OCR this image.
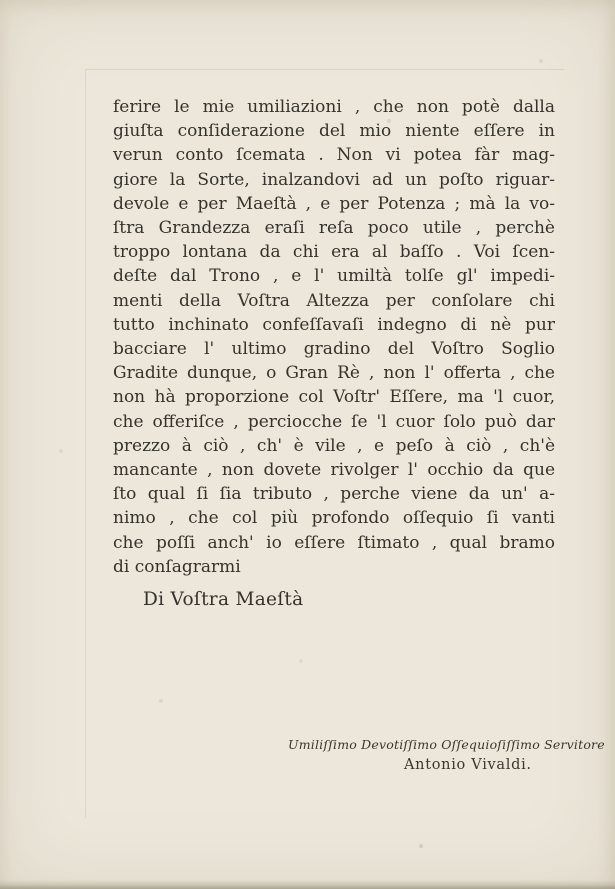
ferire le mie umiliazioni , che non potè dalla
giuſta conſiderazione del mio niente eſſere in
verun conto ſcemata . Non vi potea fàr mag-
giore la Sorte, inalzandovi ad un poſto riguar-
devole e per Maeſtà , e per Potenza ; mà la vo-
ſtra Grandezza eraſi reſa poco utile , perchè
troppo lontana da chi era al baſſo . Voi ſcen-
deſte dal Trono , e l' umiltà tolſe gl' impedi-
menti della Voſtra Altezza per conſolare chi
tutto inchinato confeſſavaſi indegno di nè pur
bacciare l' ultimo gradino del Voſtro Soglio
Gradite dunque, o Gran Rè , non l' offerta , che
non hà proporzione col Voſtr' Eſſere, ma 'l cuor,
che offeriſce , perciocche ſe 'l cuor ſolo può dar
prezzo à ciò , ch' è vile , e peſo à ciò , ch'è
mancante , non dovete rivolger l' occhio da que
ſto qual ſi ſia tributo , perche viene da un' a-
nimo , che col più profondo oſſequio ſi vanti
che poſſi anch' io eſſere ſtimato , qual bramo
di conſagrarmi
Di Voſtra Maeſtà
Umiliſſimo Devotiſſimo Oſſequioſiſſimo Servitore
Antonio Vivaldi.
